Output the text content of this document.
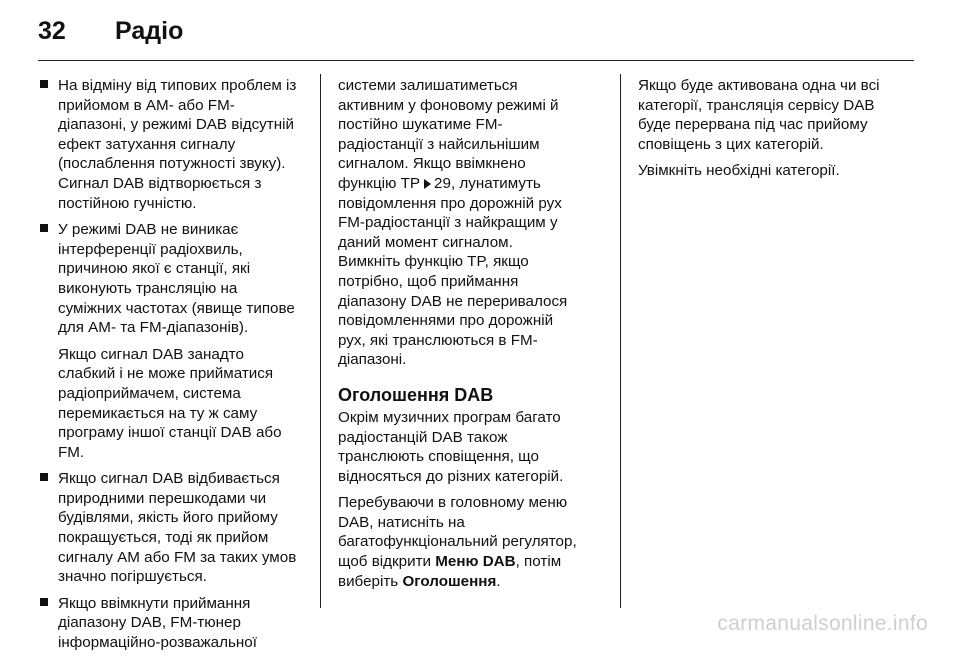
32	Радіо
На відміну від типових проблем із
прийомом в AM- або FM-
діапазоні, у режимі DAB відсутній
ефект затухання сигналу
(послаблення потужності звуку).
Сигнал DAB відтворюється з
постійною гучністю.
У режимі DAB не виникає
інтерференції радіохвиль,
причиною якої є станції, які
виконують трансляцію на
суміжних частотах (явище типове
для AM- та FM-діапазонів).
Якщо сигнал DAB занадто
слабкий і не може прийматися
радіоприймачем, система
перемикається на ту ж саму
програму іншої станції DAB або
FM.
Якщо сигнал DAB відбивається
природними перешкодами чи
будівлями, якість його прийому
покращується, тоді як прийом
сигналу AM або FM за таких умов
значно погіршується.
Якщо ввімкнути приймання
діапазону DAB, FM-тюнер
інформаційно-розважальної
системи залишатиметься
активним у фоновому режимі й
постійно шукатиме FM-
радіостанції з найсильнішим
сигналом. Якщо ввімкнено
функцію TP 29, лунатимуть
повідомлення про дорожній рух
FM-радіостанції з найкращим у
даний момент сигналом.
Вимкніть функцію TP, якщо
потрібно, щоб приймання
діапазону DAB не переривалося
повідомленнями про дорожній
рух, які транслюються в FM-
діапазоні.
Оголошення DAB
Окрім музичних програм багато
радіостанцій DAB також
транслюють сповіщення, що
відносяться до різних категорій.
Перебуваючи в головному меню
DAB, натисніть на
багатофункціональний регулятор,
щоб відкрити Меню DAB, потім
виберіть Оголошення.
Якщо буде активована одна чи всі
категорії, трансляція сервісу DAB
буде перервана під час прийому
сповіщень з цих категорій.
Увімкніть необхідні категорії.
carmanualsonline.info
